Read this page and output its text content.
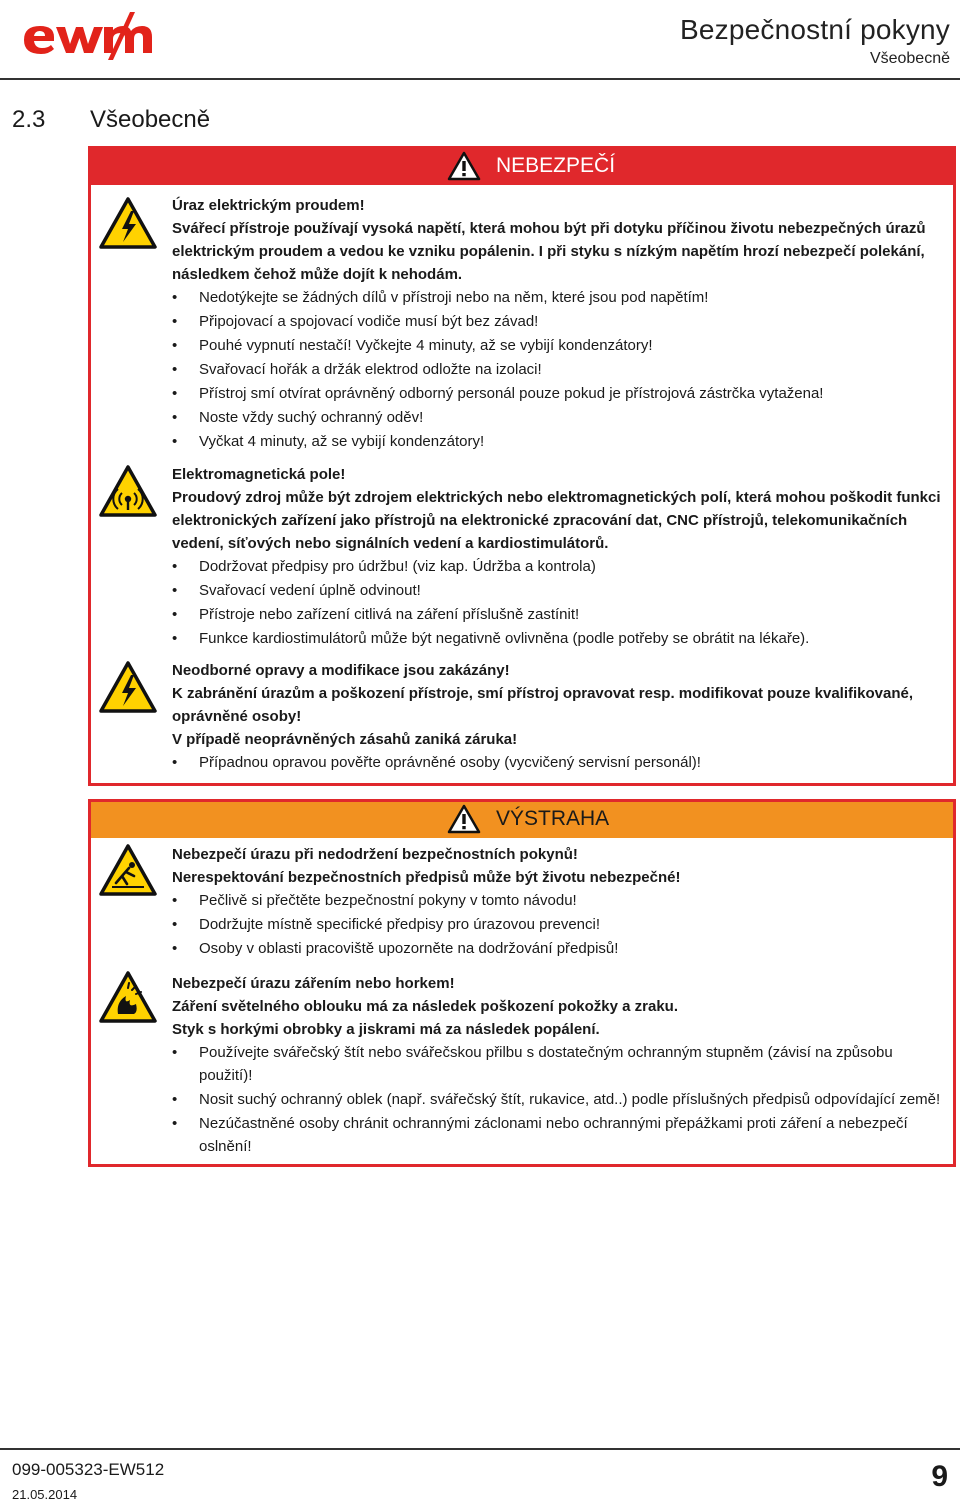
Bezpečnostní pokyny
Všeobecně
2.3 Všeobecně
NEBEZPEČÍ

Úraz elektrickým proudem!

Svářecí přístroje používají vysoká napětí, která mohou být při dotyku příčinou životu nebezpečných úrazů elektrickým proudem a vedou ke vzniku popálenin. I při styku s nízkým napětím hrozí nebezpečí polekání, následkem čehož může dojít k nehodám.

• Nedotýkejte se žádných dílů v přístroji nebo na něm, které jsou pod napětím!
• Připojovací a spojovací vodiče musí být bez závad!
• Pouhé vypnutí nestačí! Vyčkejte 4 minuty, až se vybijí kondenzátory!
• Svařovací hořák a držák elektrod odložte na izolaci!
• Přístroj smí otvírat oprávněný odborný personál pouze pokud je přístrojová zástrčka vytažena!
• Noste vždy suchý ochranný oděv!
• Vyčkat 4 minuty, až se vybijí kondenzátory!

Elektromagnetická pole!

Proudový zdroj může být zdrojem elektrických nebo elektromagnetických polí, která mohou poškodit funkci elektronických zařízení jako přístrojů na elektronické zpracování dat, CNC přístrojů, telekomunikačních vedení, síťových nebo signálních vedení a kardiostimulátorů.

• Dodržovat předpisy pro údržbu! (viz kap. Údržba a kontrola)
• Svařovací vedení úplně odvinout!
• Přístroje nebo zařízení citlivá na záření příslušně zastínit!
• Funkce kardiostimulátorů může být negativně ovlivněna (podle potřeby se obrátit na lékaře).

Neodborné opravy a modifikace jsou zakázány!

K zabránění úrazům a poškození přístroje, smí přístroj opravovat resp. modifikovat pouze kvalifikované, oprávněné osoby!

V případě neoprávněných zásahů zaniká záruka!

• Případnou opravou pověřte oprávněné osoby (vycvičený servisní personál)!
VÝSTRAHA

Nebezpečí úrazu při nedodržení bezpečnostních pokynů!

Nerespektování bezpečnostních předpisů může být životu nebezpečné!

• Pečlivě si přečtěte bezpečnostní pokyny v tomto návodu!
• Dodržujte místně specifické předpisy pro úrazovou prevenci!
• Osoby v oblasti pracoviště upozorněte na dodržování předpisů!

Nebezpečí úrazu zářením nebo horkem!

Záření světelného oblouku má za následek poškození pokožky a zraku.

Styk s horkými obrobky a jiskrami má za následek popálení.

• Používejte svářečský štít nebo svářečskou přilbu s dostatečným ochranným stupněm (závisí na způsobu použití)!
• Nosit suchý ochranný oblek (např. svářečský štít, rukavice, atd..) podle příslušných předpisů odpovídající země!
• Nezúčastněné osoby chránit ochrannými záclonami nebo ochrannými přepážkami proti záření a nebezpečí oslnění!
099-005323-EW512
21.05.2014
9
